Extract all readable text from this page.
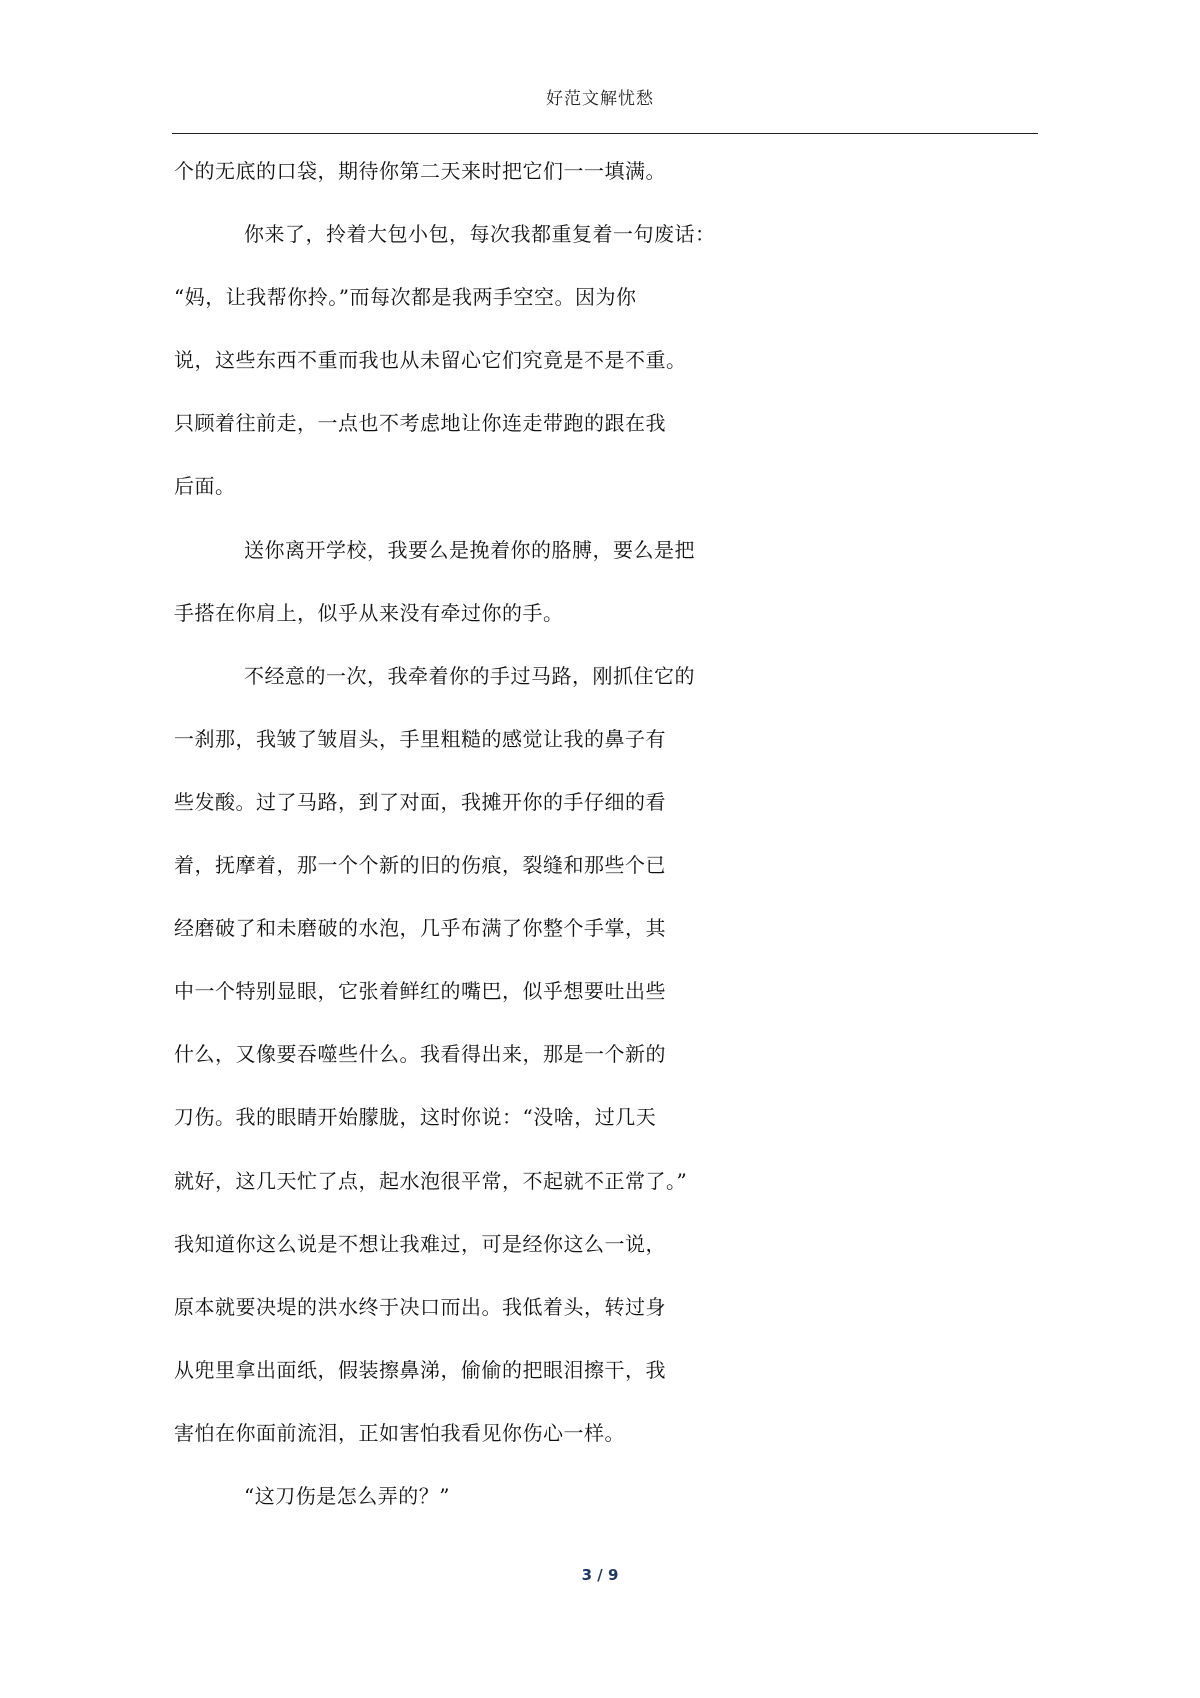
好范文解忧愁
个的无底的口袋，期待你第二天来时把它们一一填满。
你来了，拎着大包小包，每次我都重复着一句废话：
“妈，让我帮你拎。”而每次都是我两手空空。因为你
说，这些东西不重而我也从未留心它们究竟是不是不重。
只顾着往前走，一点也不考虑地让你连走带跑的跟在我
后面。
送你离开学校，我要么是挽着你的胳膊，要么是把
手搭在你肩上，似乎从来没有牵过你的手。
不经意的一次，我牵着你的手过马路，刚抓住它的
一刹那，我皱了皱眉头，手里粗糙的感觉让我的鼻子有
些发酸。过了马路，到了对面，我摊开你的手仔细的看
着，抚摩着，那一个个新的旧的伤痕，裂缝和那些个已
经磨破了和未磨破的水泡，几乎布满了你整个手掌，其
中一个特别显眼，它张着鲜红的嘴巴，似乎想要吐出些
什么，又像要吞噬些什么。我看得出来，那是一个新的
刀伤。我的眼睛开始朦胧，这时你说：“没啥，过几天
就好，这几天忙了点，起水泡很平常，不起就不正常了。”
我知道你这么说是不想让我难过，可是经你这么一说，
原本就要决堤的洪水终于决口而出。我低着头，转过身
从兜里拿出面纸，假装擦鼻涕，偷偷的把眼泪擦干，我
害怕在你面前流泪，正如害怕我看见你伤心一样。
“这刀伤是怎么弄的？”
3 / 9
